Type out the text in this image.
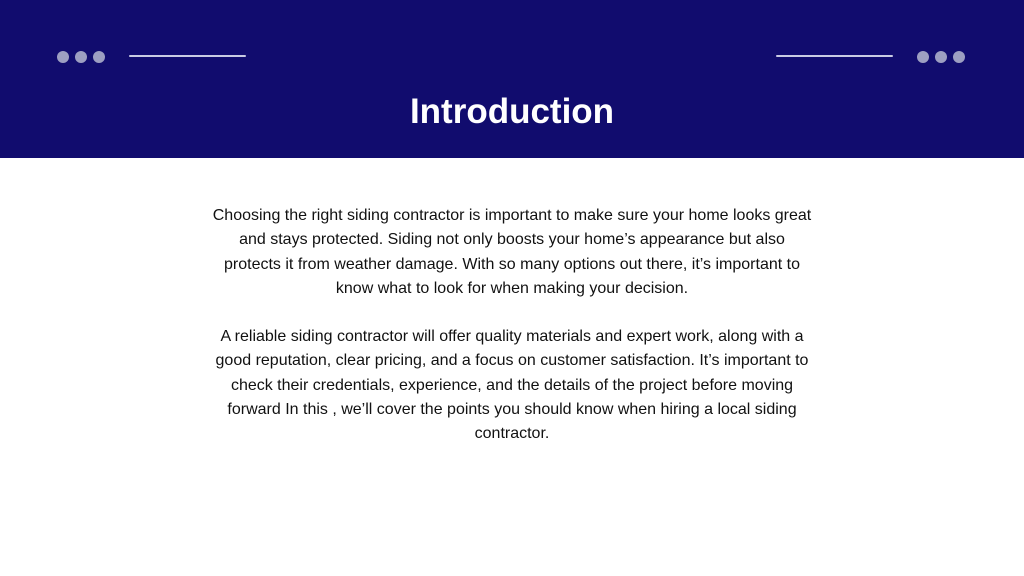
Introduction

Choosing the right siding contractor is important to make sure your home looks great and stays protected. Siding not only boosts your home’s appearance but also protects it from weather damage. With so many options out there, it’s important to know what to look for when making your decision.

A reliable siding contractor will offer quality materials and expert work, along with a good reputation, clear pricing, and a focus on customer satisfaction. It’s important to check their credentials, experience, and the details of the project before moving forward In this , we’ll cover the points you should know when hiring a local siding contractor.
